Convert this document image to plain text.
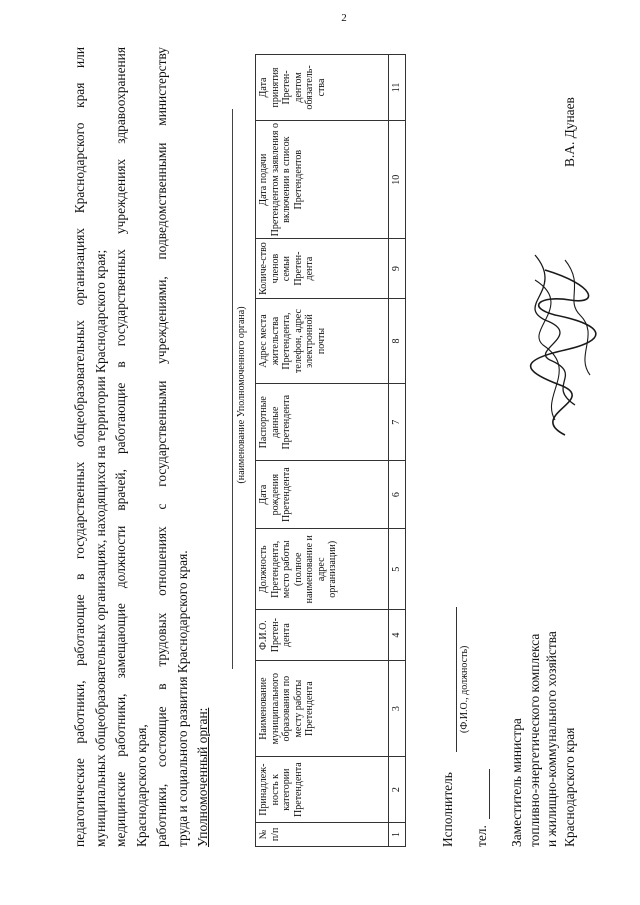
2

педагогические работники, работающие в государственных общеобразовательных организациях Краснодарского края или муниципальных общеобразовательных организациях, находящихся на территории Краснодарского края; медицинские работники, замещающие должности врачей, работающие в государственных учреждениях здравоохранения Краснодарского края, работники, состоящие в трудовых отношениях с государственными учреждениями, подведомственными министерству труда и социального развития Краснодарского края. Уполномоченный орган:

(наименование Уполномоченного органа)
№ п/п	Принадлеж-ность к категории Претендента	Наименование муниципального образования по месту работы Претендента	Ф.И.О. Претен-дента	Должность Претендента, место работы (полное наименование и адрес организации)	Дата рождения Претендента	Паспортные данные Претендента	Адрес места жительства Претендента, телефон, адрес электронной почты	Количе-ство членов семьи Претен-дента	Дата подачи Претендентом заявления о включении в список Претендентов	Дата принятия Претен-дентом обязатель-ства
1	2	3	4	5	6	7	8	9	10	11
Исполнитель
(Ф.И.О., должность)
тел. Заместитель министра топливно-энергетического комплекса и жилищно-коммунального хозяйства Краснодарского края
В.А. Дунаев
